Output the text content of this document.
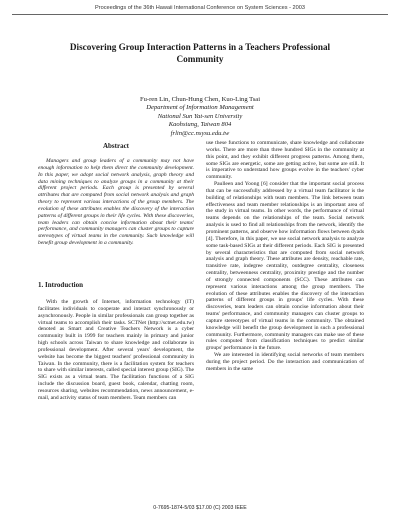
Proceedings of the 36th Hawaii International Conference on System Sciences - 2003
Discovering Group Interaction Patterns in a Teachers Professional Community
Fu-ren Lin, Chun-Hung Chen, Kuo-Ling Tsai
Department of Information Management
National Sun Yat-sen University
Kaohsiung, Taiwan 804
frlin@cc.nsysu.edu.tw
Abstract

Managers and group leaders of a community may not have enough information to help them direct the community development. In this paper, we adopt social network analysis, graph theory and data mining techniques to analyze groups in a community at their different project periods. Each group is presented by several attributes that are computed from social network analysis and graph theory to represent various interactions of the group members. The evolution of these attributes enables the discovery of the interaction patterns of different groups in their life cycles. With these discoveries, team leaders can obtain concise information about their teams' performance, and community managers can cluster groups to capture stereotypes of virtual teams in the community. Such knowledge will benefit group development in a community.

1. Introduction

With the growth of Internet, information technology (IT) facilitates individuals to cooperate and interact synchronously or asynchronously. People in similar professionals can group together as virtual teams to accomplish their tasks. SCTNet (http://sctnet.edu.tw) denoted as Smart and Creative Teachers Network is a cyber community built in 1999 for teachers mainly in primary and junior high schools across Taiwan to share knowledge and collaborate in professional development. After several years' development, the website has become the biggest teachers' professional community in Taiwan. In the community, there is a facilitation system for teachers to share with similar interests, called special interest group (SIG). The SIG exists as a virtual team. The facilitation functions of a SIG include the discussion board, guest book, calendar, chatting room, resources sharing, websites recommendation, news announcement, e-mail, and activity status of team members. Team members can

use these functions to communicate, share knowledge and collaborate works. There are more than three hundred SIGs in the community at this point, and they exhibit different progress patterns. Among them, some SIGs are energetic, some are getting active, but some are still. It is imperative to understand how groups evolve in the teachers' cyber community.

Paulleen and Yoong [6] consider that the important social process that can be successfully addressed by a virtual team facilitator is the building of relationships with team members. The link between team effectiveness and team member relationships is an important area of the study in virtual teams. In other words, the performance of virtual teams depends on the relationships of the team. Social network analysis is used to find all relationships from the network, identify the prominent patterns, and observe how information flows between dyads [4]. Therefore, in this paper, we use social network analysis to analyze some task-based SIGs at their different periods. Each SIG is presented by several characteristics that are computed from social network analysis and graph theory. These attributes are density, reachable rate, transitive rate, indegree centrality, outdegree centrality, closeness centrality, betweenness centrality, proximity prestige and the number of strongly connected components (SCC). These attributes can represent various interactions among the group members. The evolution of these attributes enables the discovery of the interaction patterns of different groups in groups' life cycles. With these discoveries, team leaders can obtain concise information about their teams' performance, and community managers can cluster groups to capture stereotypes of virtual teams in the community. The obtained knowledge will benefit the group development in such a professional community. Furthermore, community managers can make use of these rules computed from classification techniques to predict similar groups' performance in the future.

We are interested in identifying social networks of team members during the project period. Do the interaction and communication of members in the same

0-7695-1874-5/03 $17.00 (C) 2003 IEEE
